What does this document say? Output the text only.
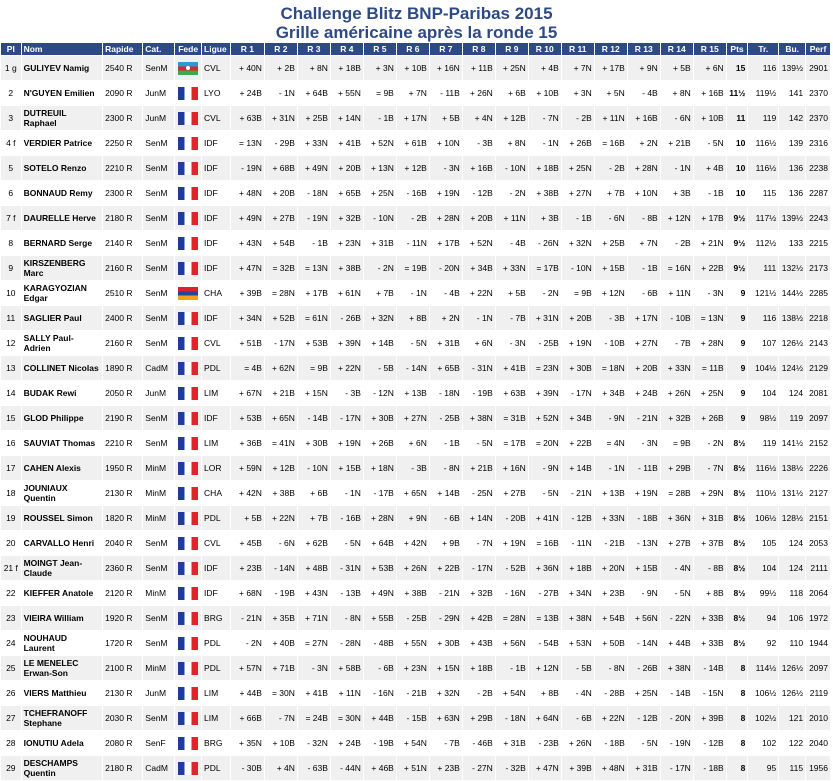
Challenge Blitz BNP-Paribas 2015
Grille américaine après la ronde 15
Pl	Nom	Rapide	Cat.	Fede	Ligue	R 1	R 2	R 3	R 4	R 5	R 6	R 7	R 8	R 9	R 10	R 11	R 12	R 13	R 14	R 15	Pts	Tr.	Bu.	Perf
1 g	GULIYEV Namig	2540 R	SenM		CVL	+ 40N	+ 2B	+ 8N	+ 18B	+ 3N	+ 10B	+ 16N	+ 11B	+ 25N	+ 4B	+ 7N	+ 17B	+ 9N	+ 5B	+ 6N	15	116	139½	2901
2	N'GUYEN Emilien	2090 R	JunM		LYO	+ 24B	- 1N	+ 64B	+ 55N	= 9B	+ 7N	- 11B	+ 26N	+ 6B	+ 10B	+ 3N	+ 5N	- 4B	+ 8N	+ 16B	11½	119½	141	2370
3	DUTREUIL Raphael	2300 R	JunM		CVL	+ 63B	+ 31N	+ 25B	+ 14N	- 1B	+ 17N	+ 5B	+ 4N	+ 12B	- 7N	- 2B	+ 11N	+ 16B	- 6N	+ 10B	11	119	142	2370
4 f	VERDIER Patrice	2250 R	SenM		IDF	= 13N	- 29B	+ 33N	+ 41B	+ 52N	+ 61B	+ 10N	- 3B	+ 8N	- 1N	+ 26B	= 16B	+ 2N	+ 21B	- 5N	10	116½	139	2316
5	SOTELO Renzo	2210 R	SenM		IDF	- 19N	+ 68B	+ 49N	+ 20B	+ 13N	+ 12B	- 3N	+ 16B	- 10N	+ 18B	+ 25N	- 2B	+ 28N	- 1N	+ 4B	10	116½	136	2238
6	BONNAUD Remy	2300 R	SenM		IDF	+ 48N	+ 20B	- 18N	+ 65B	+ 25N	- 16B	+ 19N	- 12B	- 2N	+ 38B	+ 27N	+ 7B	+ 10N	+ 3B	- 1B	10	115	136	2287
7 f	DAURELLE Herve	2180 R	SenM		IDF	+ 49N	+ 27B	- 19N	+ 32B	- 10N	- 2B	+ 28N	+ 20B	+ 11N	+ 3B	- 1B	- 6N	- 8B	+ 12N	+ 17B	9½	117½	139½	2243
8	BERNARD Serge	2140 R	SenM		IDF	+ 43N	+ 54B	- 1B	+ 23N	+ 31B	- 11N	+ 17B	+ 52N	- 4B	- 26N	+ 32N	+ 25B	+ 7N	- 2B	+ 21N	9½	112½	133	2215
9	KIRSZENBERG Marc	2160 R	SenM		IDF	+ 47N	= 32B	= 13N	+ 38B	- 2N	= 19B	- 20N	+ 34B	+ 33N	= 17B	- 10N	+ 15B	- 1B	= 16N	+ 22B	9½	111	132½	2173
10	KARAGYOZIAN Edgar	2510 R	SenM		CHA	+ 39B	= 28N	+ 17B	+ 61N	+ 7B	- 1N	- 4B	+ 22N	+ 5B	- 2N	= 9B	+ 12N	- 6B	+ 11N	- 3N	9	121½	144½	2285
11	SAGLIER Paul	2400 R	SenM		IDF	+ 34N	+ 52B	= 61N	- 26B	+ 32N	+ 8B	+ 2N	- 1N	- 7B	+ 31N	+ 20B	- 3B	+ 17N	- 10B	= 13N	9	116	138½	2218
12	SALLY Paul-Adrien	2160 R	SenM		CVL	+ 51B	- 17N	+ 53B	+ 39N	+ 14B	- 5N	+ 31B	+ 6N	- 3N	- 25B	+ 19N	- 10B	+ 27N	- 7B	+ 28N	9	107	126½	2143
13	COLLINET Nicolas	1890 R	CadM		PDL	= 4B	+ 62N	= 9B	+ 22N	- 5B	- 14N	+ 65B	- 31N	+ 41B	= 23N	+ 30B	= 18N	+ 20B	+ 33N	= 11B	9	104½	124½	2129
14	BUDAK Rewi	2050 R	JunM		LIM	+ 67N	+ 21B	+ 15N	- 3B	- 12N	+ 13B	- 18N	- 19B	+ 63B	+ 39N	- 17N	+ 34B	+ 24B	+ 26N	+ 25N	9	104	124	2081
15	GLOD Philippe	2190 R	SenM		IDF	+ 53B	+ 65N	- 14B	- 17N	+ 30B	+ 27N	- 25B	+ 38N	= 31B	+ 52N	+ 34B	- 9N	- 21N	+ 32B	+ 26B	9	98½	119	2097
16	SAUVIAT Thomas	2210 R	SenM		LIM	+ 36B	= 41N	+ 30B	+ 19N	+ 26B	+ 6N	- 1B	- 5N	= 17B	= 20N	+ 22B	= 4N	- 3N	= 9B	- 2N	8½	119	141½	2152
17	CAHEN Alexis	1950 R	MinM		LOR	+ 59N	+ 12B	- 10N	+ 15B	+ 18N	- 3B	- 8N	+ 21B	+ 16N	- 9N	+ 14B	- 1N	- 11B	+ 29B	- 7N	8½	116½	138½	2226
18	JOUNIAUX Quentin	2130 R	MinM		CHA	+ 42N	+ 38B	+ 6B	- 1N	- 17B	+ 65N	+ 14B	- 25N	+ 27B	- 5N	- 21N	+ 13B	+ 19N	= 28B	+ 29N	8½	110½	131½	2127
19	ROUSSEL Simon	1820 R	MinM		PDL	+ 5B	+ 22N	+ 7B	- 16B	+ 28N	+ 9N	- 6B	+ 14N	- 20B	+ 41N	- 12B	+ 33N	- 18B	+ 36N	+ 31B	8½	106½	128½	2151
20	CARVALLO Henri	2040 R	SenM		CVL	+ 45B	- 6N	+ 62B	- 5N	+ 64B	+ 42N	+ 9B	- 7N	+ 19N	= 16B	- 11N	- 21B	- 13N	+ 27B	+ 37B	8½	105	124	2053
21 f	MOINGT Jean-Claude	2360 R	SenM		IDF	+ 23B	- 14N	+ 48B	- 31N	+ 53B	+ 26N	+ 22B	- 17N	- 52B	+ 36N	+ 18B	+ 20N	+ 15B	- 4N	- 8B	8½	104	124	2111
22	KIEFFER Anatole	2120 R	MinM		IDF	+ 68N	- 19B	+ 43N	- 13B	+ 49N	+ 38B	- 21N	+ 32B	- 16N	- 27B	+ 34N	+ 23B	- 9N	- 5N	+ 8B	8½	99½	118	2064
23	VIEIRA William	1920 R	SenM		BRG	- 21N	+ 35B	+ 71N	- 8N	+ 55B	- 25B	- 29N	+ 42B	= 28N	= 13B	+ 38N	+ 54B	+ 56N	- 22N	+ 33B	8½	94	106	1972
24	NOUHAUD Laurent	1720 R	SenM		PDL	- 2N	+ 40B	= 27N	- 28N	- 48B	+ 55N	+ 30B	+ 43B	+ 56N	- 54B	+ 53N	+ 50B	- 14N	+ 44B	+ 33B	8½	92	110	1944
25	LE MENELEC Erwan-Son	2100 R	MinM		PDL	+ 57N	+ 71B	- 3N	+ 58B	- 6B	+ 23N	+ 15N	+ 18B	- 1B	+ 12N	- 5B	- 8N	- 26B	+ 38N	- 14B	8	114½	126½	2097
26	VIERS Matthieu	2130 R	JunM		LIM	+ 44B	= 30N	+ 41B	+ 11N	- 16N	- 21B	+ 32N	- 2B	+ 54N	+ 8B	- 4N	- 28B	+ 25N	- 14B	- 15N	8	106½	126½	2119
27	TCHEFRANOFF Stephane	2030 R	SenM		LIM	+ 66B	- 7N	= 24B	= 30N	+ 44B	- 15B	+ 63N	+ 29B	- 18N	+ 64N	- 6B	+ 22N	- 12B	- 20N	+ 39B	8	102½	121	2010
28	IONUTIU Adela	2080 R	SenF		BRG	+ 35N	+ 10B	- 32N	+ 24B	- 19B	+ 54N	- 7B	- 46B	+ 31B	- 23B	+ 26N	- 18B	- 5N	- 19N	- 12B	8	102	122	2040
29	DESCHAMPS Quentin	2180 R	CadM		PDL	- 30B	+ 4N	- 63B	- 44N	+ 46B	+ 51N	+ 23B	- 27N	- 32B	+ 47N	+ 39B	+ 48N	+ 31B	- 17N	- 18B	8	95	115	1956
